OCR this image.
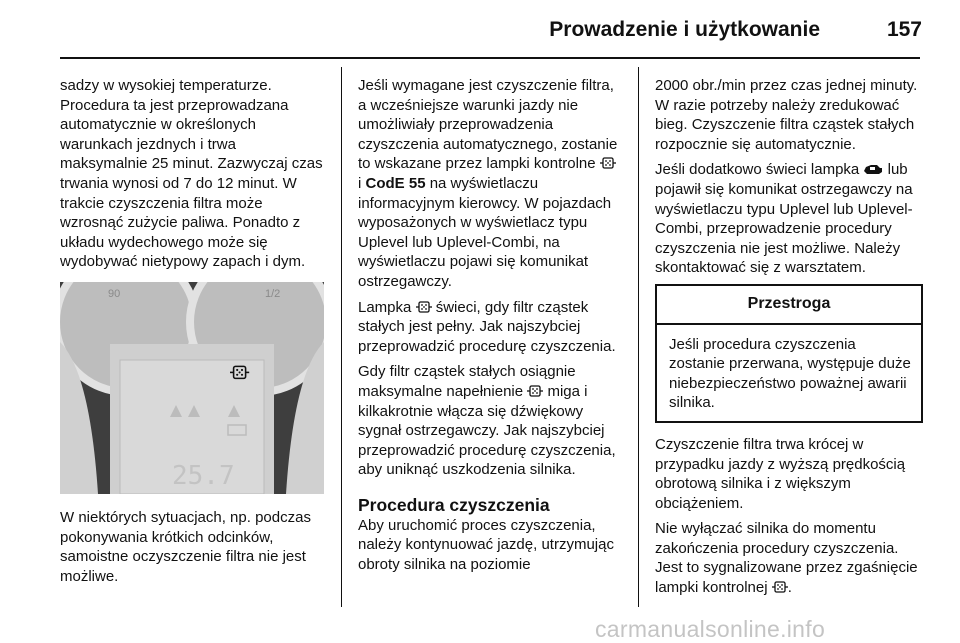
Prowadzenie i użytkowanie	157

sadzy w wysokiej temperaturze. Procedura ta jest przeprowadzana automatycznie w określonych warunkach jezdnych i trwa maksymalnie 25 minut. Zazwyczaj czas trwania wynosi od 7 do 12 minut. W trakcie czyszczenia filtra może wzrosnąć zużycie paliwa. Ponadto z układu wydechowego może się wydobywać nietypowy zapach i dym.

90	1/2
25.7

W niektórych sytuacjach, np. podczas pokonywania krótkich odcinków, samoistne oczyszczenie filtra nie jest możliwe.

Jeśli wymagane jest czyszczenie filtra, a wcześniejsze warunki jazdy nie umożliwiały przeprowadzenia czyszczenia automatycznego, zostanie to wskazane przez lampki kontrolne  i CodE 55 na wyświetlaczu informacyjnym kierowcy. W pojazdach wyposażonych w wyświetlacz typu Uplevel lub Uplevel-Combi, na wyświetlaczu pojawi się komunikat ostrzegawczy.

Lampka świeci, gdy filtr cząstek stałych jest pełny. Jak najszybciej przeprowadzić procedurę czyszczenia.

Gdy filtr cząstek stałych osiągnie maksymalne napełnienie miga i kilkakrotnie włącza się dźwiękowy sygnał ostrzegawczy. Jak najszybciej przeprowadzić procedurę czyszczenia, aby uniknąć uszkodzenia silnika.

Procedura czyszczenia

Aby uruchomić proces czyszczenia, należy kontynuować jazdę, utrzymując obroty silnika na poziomie

2000 obr./min przez czas jednej minuty. W razie potrzeby należy zredukować bieg. Czyszczenie filtra cząstek stałych rozpocznie się automatycznie.

Jeśli dodatkowo świeci lampka lub pojawił się komunikat ostrzegawczy na wyświetlaczu typu Uplevel lub Uplevel-Combi, przeprowadzenie procedury czyszczenia nie jest możliwe. Należy skontaktować się z warsztatem.

Przestroga
Jeśli procedura czyszczenia zostanie przerwana, występuje duże niebezpieczeństwo poważnej awarii silnika.

Czyszczenie filtra trwa krócej w przypadku jazdy z wyższą prędkością obrotową silnika i z większym obciążeniem.

Nie wyłączać silnika do momentu zakończenia procedury czyszczenia. Jest to sygnalizowane przez zgaśnięcie lampki kontrolnej .

carmanualsonline.info
